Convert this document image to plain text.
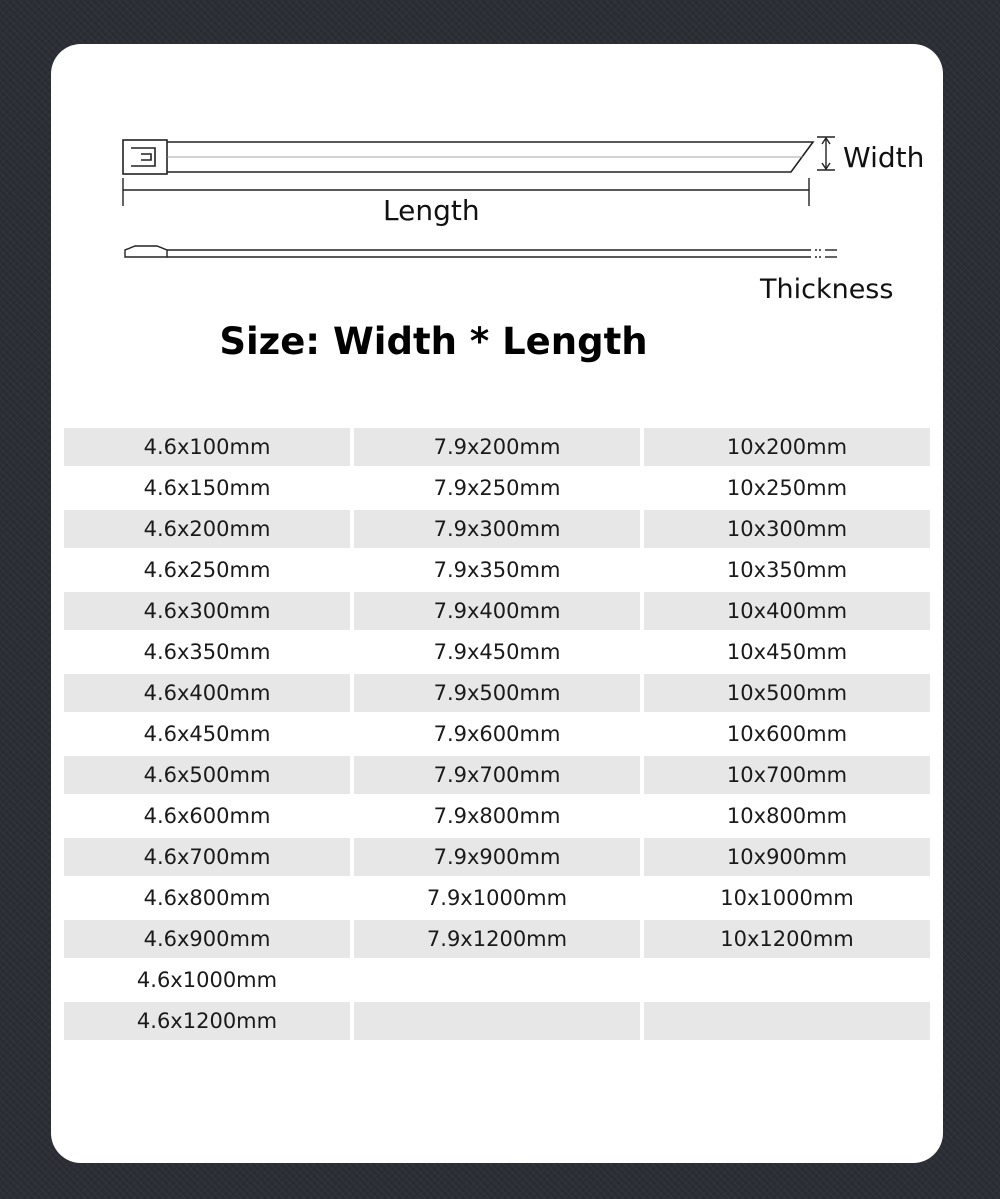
Width
Length
Thickness
Size: Width * Length
4.6x100mm	7.9x200mm	10x200mm
4.6x150mm	7.9x250mm	10x250mm
4.6x200mm	7.9x300mm	10x300mm
4.6x250mm	7.9x350mm	10x350mm
4.6x300mm	7.9x400mm	10x400mm
4.6x350mm	7.9x450mm	10x450mm
4.6x400mm	7.9x500mm	10x500mm
4.6x450mm	7.9x600mm	10x600mm
4.6x500mm	7.9x700mm	10x700mm
4.6x600mm	7.9x800mm	10x800mm
4.6x700mm	7.9x900mm	10x900mm
4.6x800mm	7.9x1000mm	10x1000mm
4.6x900mm	7.9x1200mm	10x1200mm
4.6x1000mm
4.6x1200mm
